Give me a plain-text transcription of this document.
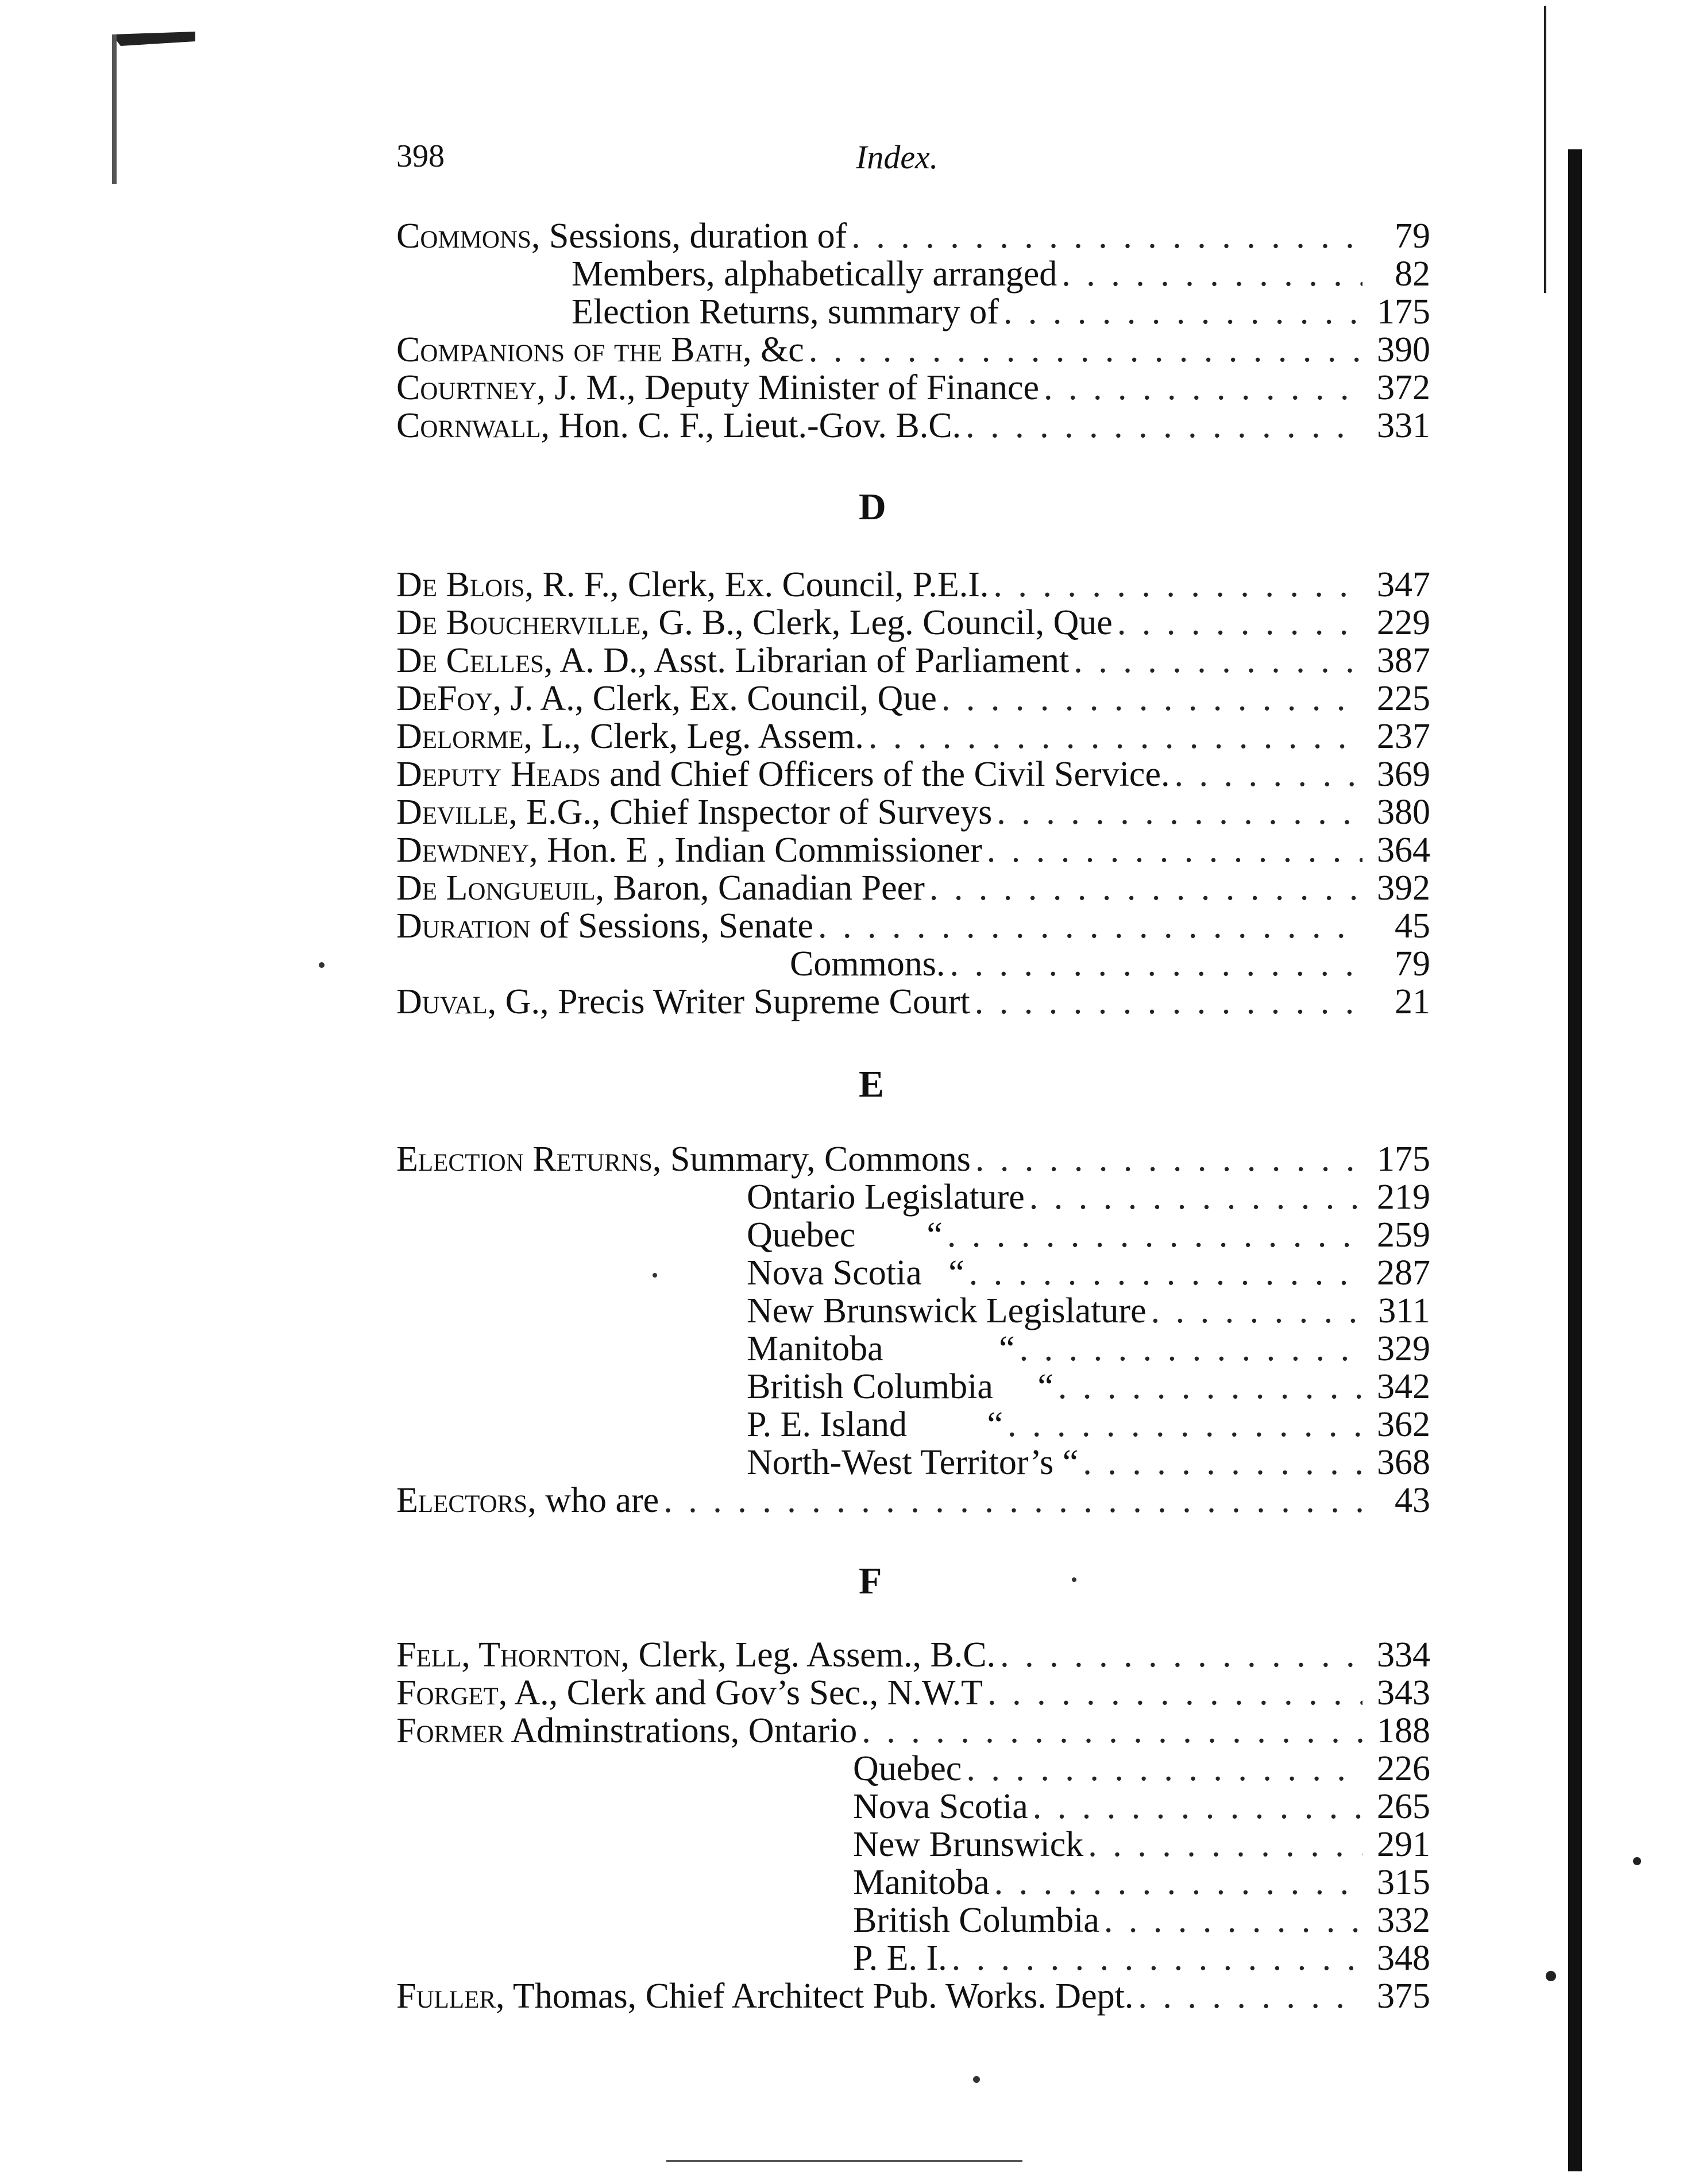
398	Index.
Commons, Sessions, duration of . . .	79
Members, alphabetically arranged . . .	82
Election Returns, summary of . . .	175
Companions of the Bath, &c . . .	390
Courtney, J. M., Deputy Minister of Finance . . .	372
Cornwall, Hon. C. F., Lieut.-Gov. B.C. . . .	331
D
De Blois, R. F., Clerk, Ex. Council, P.E.I. . . .	347
De Boucherville, G. B., Clerk, Leg. Council, Que . . .	229
De Celles, A. D., Asst. Librarian of Parliament . . .	387
DeFoy, J. A., Clerk, Ex. Council, Que . . .	225
Delorme, L., Clerk, Leg. Assem. . . .	237
Deputy Heads and Chief Officers of the Civil Service. . . .	369
Deville, E.G., Chief Inspector of Surveys . . .	380
Dewdney, Hon. E , Indian Commissioner . . .	364
De Longueuil, Baron, Canadian Peer . . .	392
Duration of Sessions, Senate . . .	45
Commons. . . .	79
Duval, G., Precis Writer Supreme Court . . .	21
E
Election Returns, Summary, Commons . . .	175
Ontario Legislature . . .	219
Quebec        “ . . .	259
Nova Scotia   “ . . .	287
New Brunswick Legislature . . .	311
Manitoba             “ . . .	329
British Columbia     “ . . .	342
P. E. Island         “ . . .	362
North-West Territor’s “ . . .	368
Electors, who are . . .	43
F
Fell, Thornton, Clerk, Leg. Assem., B.C. . . .	334
Forget, A., Clerk and Gov’s Sec., N.W.T . . .	343
Former Adminstrations, Ontario . . .	188
Quebec . . .	226
Nova Scotia . . .	265
New Brunswick . . .	291
Manitoba . . .	315
British Columbia . . .	332
P. E. I. . . .	348
Fuller, Thomas, Chief Architect Pub. Works. Dept. . . .	375
